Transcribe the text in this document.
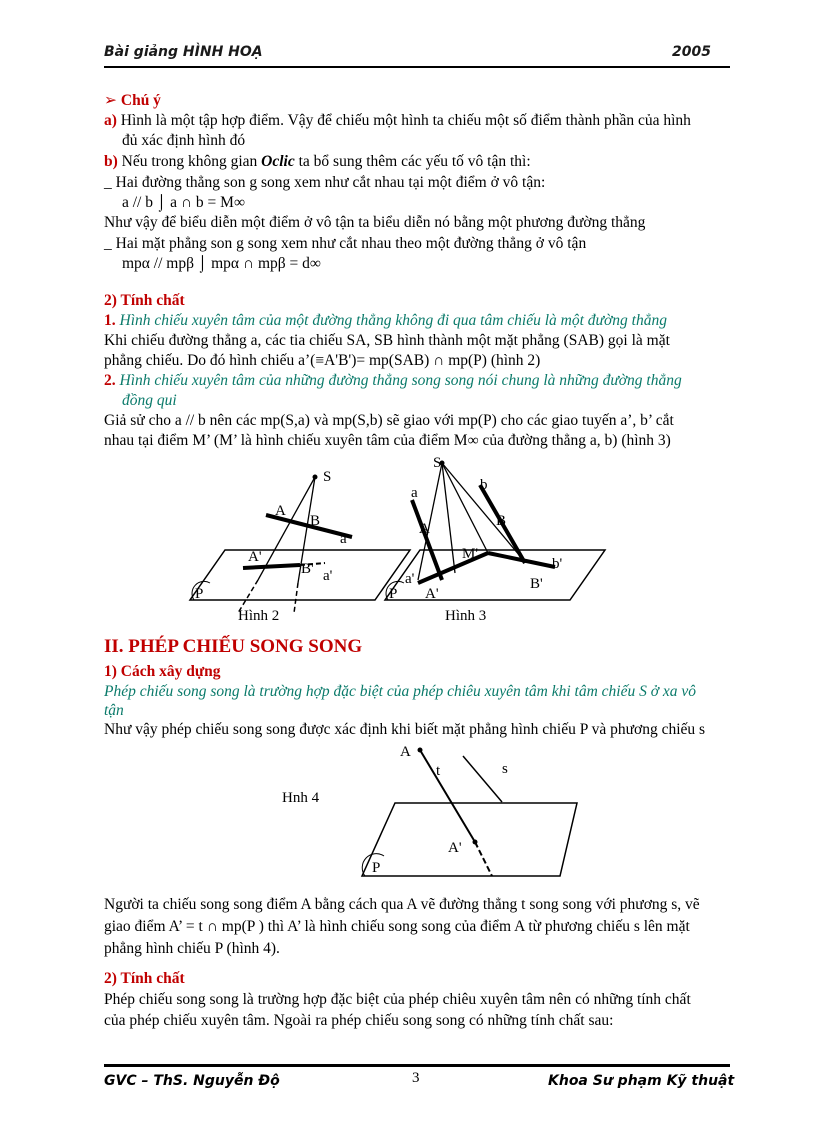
Bài giảng HÌNH HOẠ	2005
➢ Chú ý
a) Hình là một tập hợp điểm. Vậy để chiếu một hình ta chiếu một số điểm thành phần của hình
đủ xác định hình đó
b) Nếu trong không gian Oclic ta bổ sung thêm các yếu tố vô tận thì:
_ Hai đường thẳng son g song xem như cắt nhau tại một điểm ở vô tận:
a // b ⌡ a ∩ b = M∞
Như vậy để biểu diễn một điểm ở vô tận ta biểu diễn nó bằng một phương đường thẳng
_ Hai mặt phẳng son g song xem như cắt nhau theo một đường thẳng ở vô tận
mpα // mpβ ⌡ mpα ∩ mpβ = d∞
2) Tính chất
1. Hình chiếu xuyên tâm của một đường thẳng không đi qua tâm chiếu là một đường thẳng
Khi chiếu đường thẳng a, các tia chiếu SA, SB hình thành một mặt phẳng (SAB) gọi là mặt
phẳng chiếu. Do đó hình chiếu a’(≡A'B')= mp(SAB) ∩ mp(P) (hình 2)
2. Hình chiếu xuyên tâm của những đường thẳng song song nói chung là những đường thẳng
đồng qui
Giả sử cho a // b nên các mp(S,a) và mp(S,b) sẽ giao với mp(P) cho các giao tuyến a’, b’ cắt
nhau tại điểm M’ (M’ là hình chiếu xuyên tâm của điểm M∞ của đường thẳng a, b) (hình 3)
S
A
B
a
A'
B' a'
P
Hình 2
S
a	b
A	B
M'
b'
B'
a'
A'
P
Hình 3
II. PHÉP CHIẾU SONG SONG
1) Cách xây dựng
Phép chiếu song song là trường hợp đặc biệt của phép chiêu xuyên tâm khi tâm chiếu S ở xa vô
tận
Như vậy phép chiếu song song được xác định khi biết mặt phẳng hình chiếu P và phương chiếu s
A
t	s
A'
P
Hnh 4
Người ta chiếu song song điểm A bằng cách qua A vẽ đường thẳng t song song với phương s, vẽ
giao điểm A’ = t ∩ mp(P ) thì A’ là hình chiếu song song của điểm A từ phương chiếu s lên mặt
phẳng hình chiếu P (hình 4).
2) Tính chất
Phép chiếu song song là trường hợp đặc biệt của phép chiêu xuyên tâm nên có những tính chất
của phép chiếu xuyên tâm. Ngoài ra phép chiếu song song có những tính chất sau:
GVC – ThS. Nguyễn Độ	3	Khoa Sư phạm Kỹ thuật
